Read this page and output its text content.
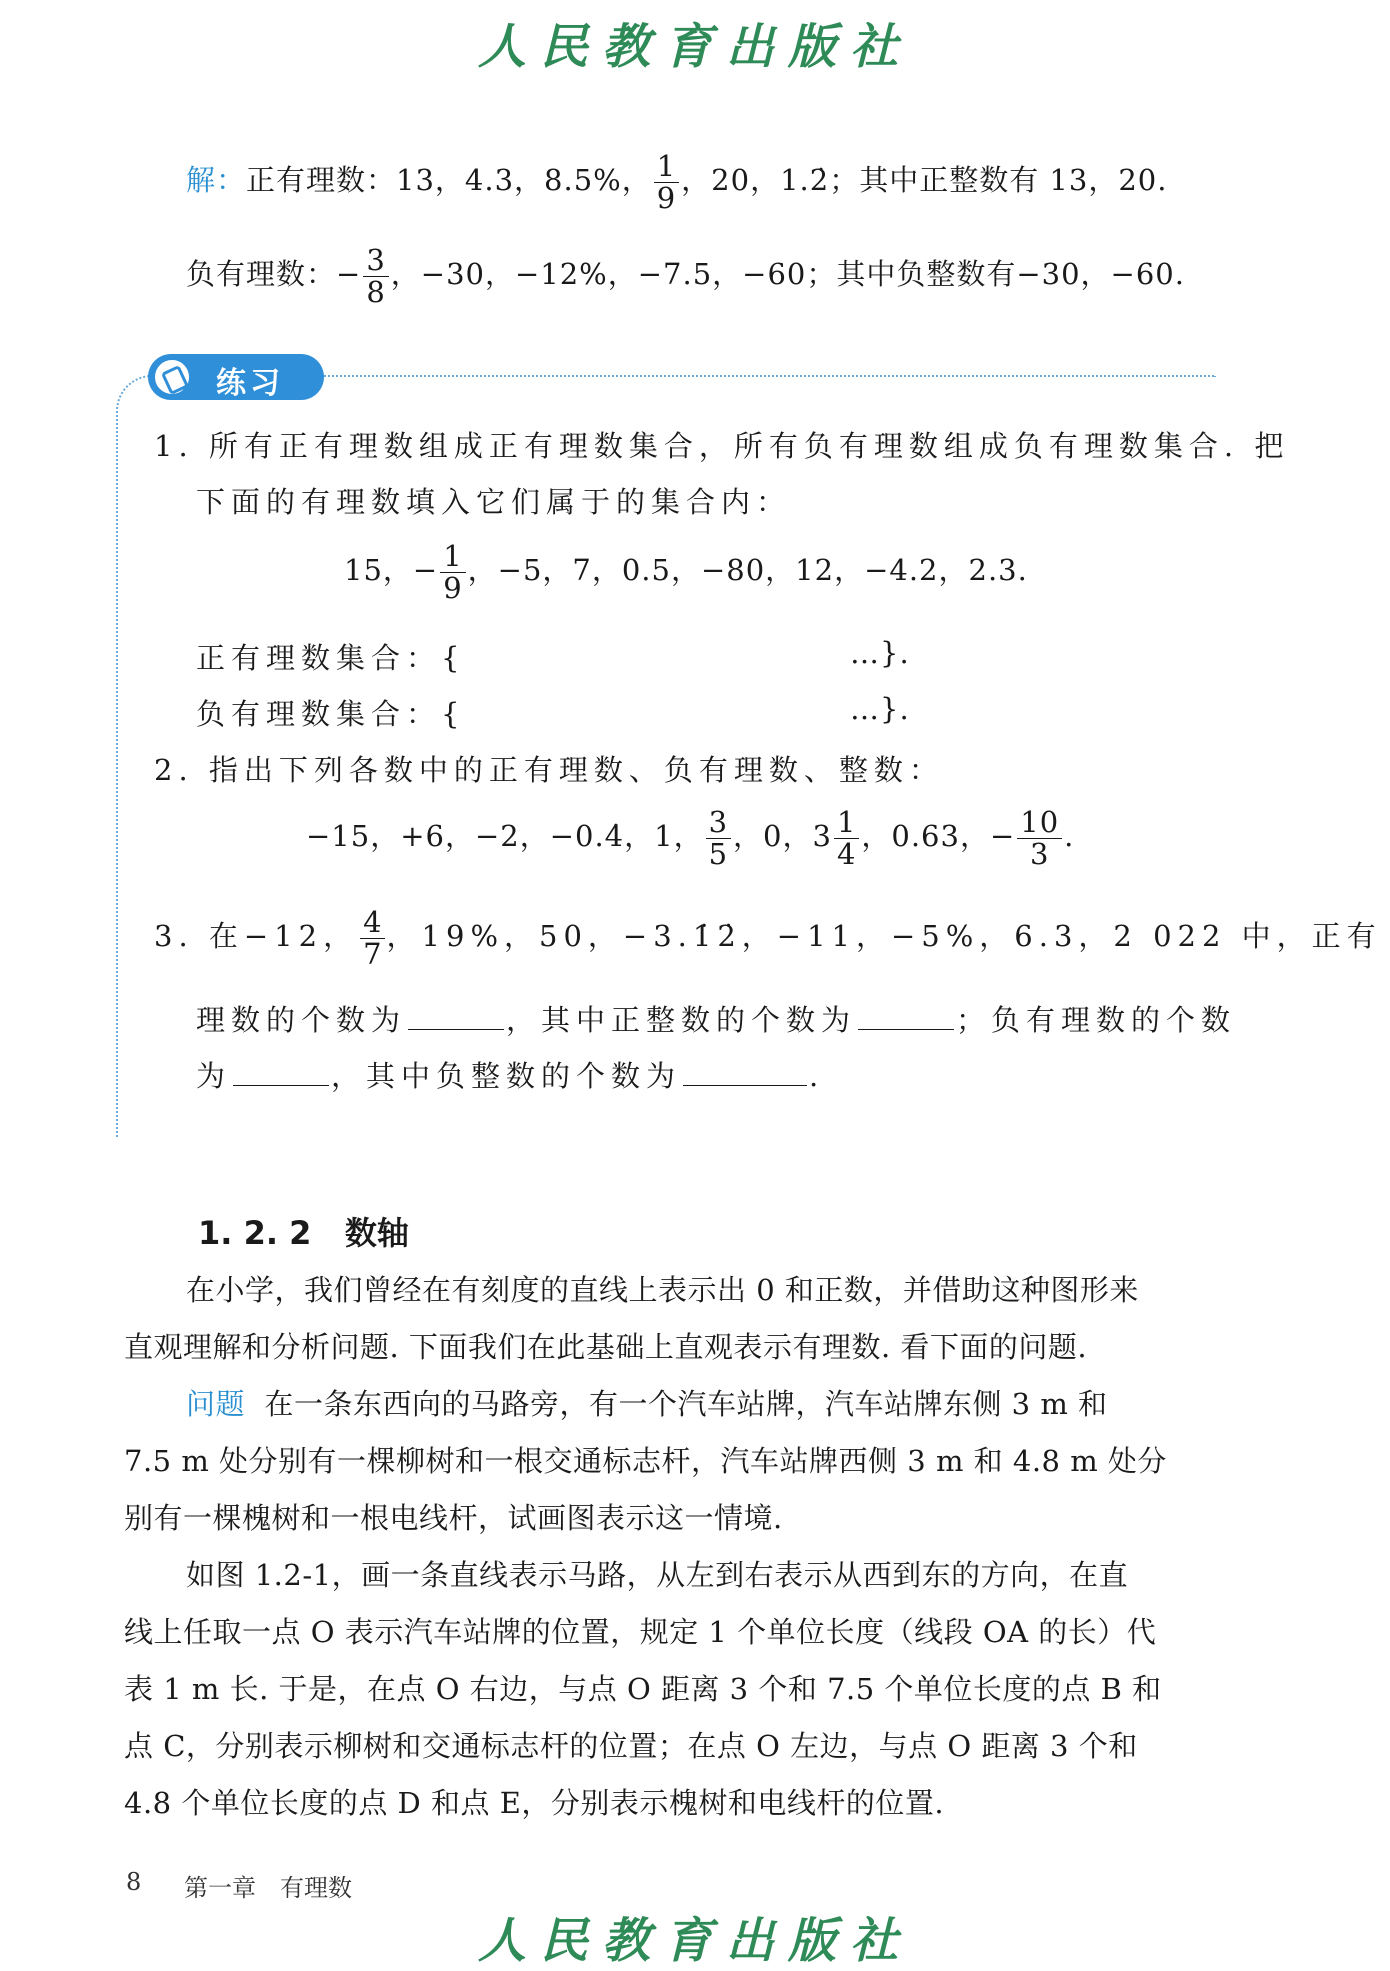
人民教育出版社
解：正有理数：13，4.3，8.5%， $\frac{1}{9}$ ，20，1.2̇；其中正整数有 13，20.
负有理数：− $\frac{3}{8}$ ，−30，−12%，−7.5，−60；其中负整数有−30，−60.
练习
1. 所有正有理数组成正有理数集合，所有负有理数组成负有理数集合. 把
下面的有理数填入它们属于的集合内：
15，− $\frac{1}{9}$ ，−5，7，0.5，−80，12，−4.2，2.3.
正有理数集合：{	…}.
负有理数集合：{	…}.
2. 指出下列各数中的正有理数、负有理数、整数：
−15，+6，−2，−0.4̇，1， $\frac{3}{5}$ ，0，$3 \frac{1}{4}$ ，0.63，− $\frac{10}{3}$ .
3. 在−12， $\frac{4}{7}$ ，19%，50，−3.1̇2̇，−11，−5%，6.3，2 022 中，正有
理数的个数为	，其中正整数的个数为	；负有理数的个数
为	，其中负整数的个数为	.
1. 2. 2 数轴
在小学，我们曾经在有刻度的直线上表示出 0 和正数，并借助这种图形来
直观理解和分析问题. 下面我们在此基础上直观表示有理数. 看下面的问题.
问题 在一条东西向的马路旁，有一个汽车站牌，汽车站牌东侧 3 m 和
7.5 m 处分别有一棵柳树和一根交通标志杆，汽车站牌西侧 3 m 和 4.8 m 处分
别有一棵槐树和一根电线杆，试画图表示这一情境.
如图 1.2-1，画一条直线表示马路，从左到右表示从西到东的方向，在直
线上任取一点 O 表示汽车站牌的位置，规定 1 个单位长度（线段 OA 的长）代
表 1 m 长. 于是，在点 O 右边，与点 O 距离 3 个和 7.5 个单位长度的点 B 和
点 C，分别表示柳树和交通标志杆的位置；在点 O 左边，与点 O 距离 3 个和
4.8 个单位长度的点 D 和点 E，分别表示槐树和电线杆的位置.
8 第一章　有理数
人民教育出版社
